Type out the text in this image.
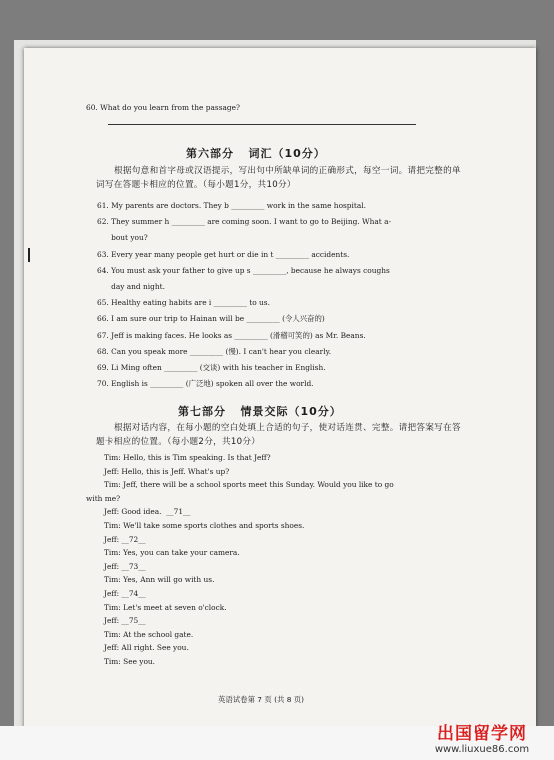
60. What do you learn from the passage?
第六部分   词汇（10分）
根据句意和首字母或汉语提示，写出句中所缺单词的正确形式，每空一词。请把完整的单词写在答题卡相应的位置。（每小题1分，共10分）
61. My parents are doctors. They b _________ work in the same hospital.
62. They summer h _________ are coming soon. I want to go to Beijing. What a-
bout you?
63. Every year many people get hurt or die in t _________ accidents.
64. You must ask your father to give up s _________, because he always coughs
day and night.
65. Healthy eating habits are i _________ to us.
66. I am sure our trip to Hainan will be _________ (令人兴奋的)
67. Jeff is making faces. He looks as _________ (滑稽可笑的) as Mr. Beans.
68. Can you speak more _________ (慢). I can't hear you clearly.
69. Li Ming often _________ (交谈) with his teacher in English.
70. English is _________ (广泛地) spoken all over the world.
第七部分   情景交际（10分）
根据对话内容，在每小题的空白处填上合适的句子，使对话连贯、完整。请把答案写在答题卡相应的位置。（每小题2分，共10分）
Tim: Hello, this is Tim speaking. Is that Jeff?
Jeff: Hello, this is Jeff. What's up?
Tim: Jeff, there will be a school sports meet this Sunday. Would you like to go
with me?
Jeff: Good idea.  __71__
Tim: We'll take some sports clothes and sports shoes.
Jeff: __72__
Tim: Yes, you can take your camera.
Jeff: __73__
Tim: Yes, Ann will go with us.
Jeff: __74__
Tim: Let's meet at seven o'clock.
Jeff: __75__
Tim: At the school gate.
Jeff: All right. See you.
Tim: See you.
英语试卷第 7 页 (共 8 页)
出国留学网
www.liuxue86.com
